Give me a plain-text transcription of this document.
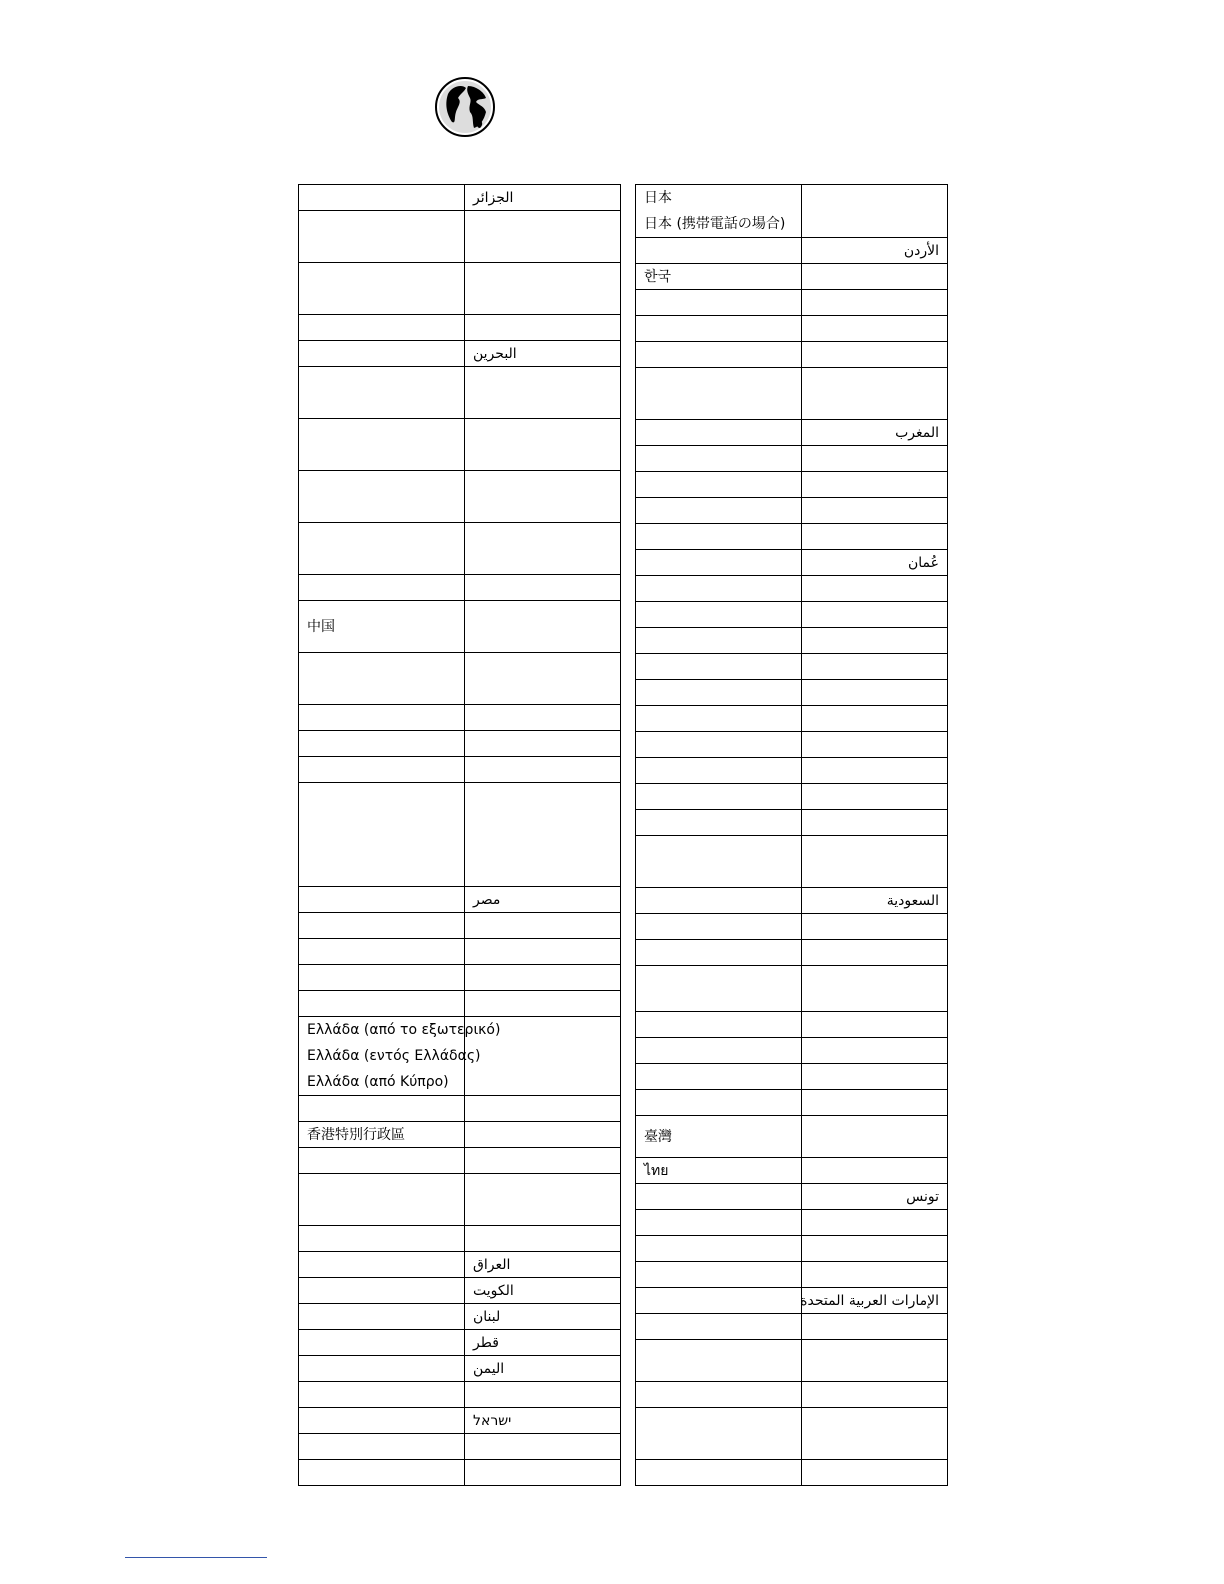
	الجزائر

	البحرين

中国	

	مصر

Ελλάδα (από το εξωτερικό)
Ελλάδα (εντός Ελλάδας)
Ελλάδα (από Κύπρο)	

香港特別行政區	

	العراق
	الكويت
	لبنان
	قطر
	اليمن

	ישראל

日本
日本 (携帯電話の場合)	

	الأردن
한국	

	المغرب

	عُمان

	السعودية

臺灣	
ไทย	
	تونس

	الإمارات العربية المتحدة
